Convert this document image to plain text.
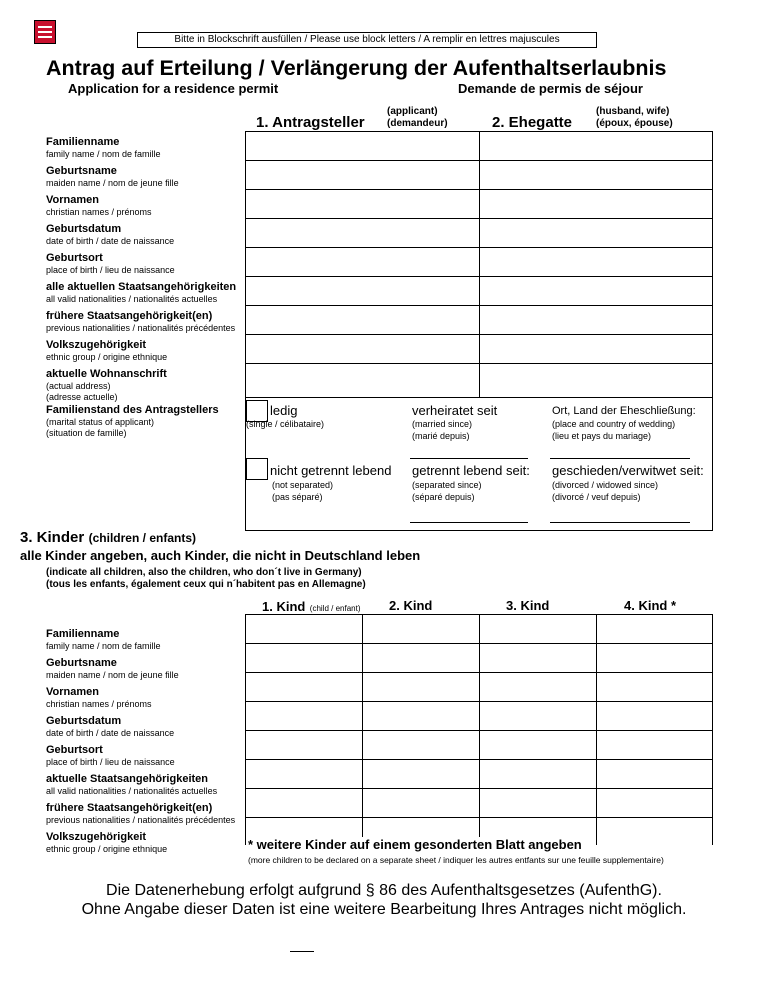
Bitte in Blockschrift ausfüllen / Please use block letters / A remplir en lettres majuscules
Antrag auf Erteilung / Verlängerung der Aufenthaltserlaubnis
Application for a residence permit	Demande de permis de séjour
1. Antragsteller
(applicant)
(demandeur)	2. Ehegatte
(husband, wife)
(époux, épouse)
Familienname
family name / nom de famille
Geburtsname
maiden name / nom de jeune fille
Vornamen
christian names / prénoms
Geburtsdatum
date of birth / date de naissance
Geburtsort
place of birth / lieu de naissance
alle aktuellen Staatsangehörigkeiten
all valid nationalities / nationalités actuelles
frühere Staatsangehörigkeit(en)
previous nationalities / nationalités précédentes
Volkszugehörigkeit
ethnic group / origine ethnique
aktuelle Wohnanschrift
(actual address)
(adresse actuelle)
Familienstand des Antragstellers
(marital status of applicant)
(situation de famille)
ledig
(single / célibataire)
verheiratet seit
(married since)
(marié depuis)
Ort, Land der Eheschließung:
(place and country of wedding)
(lieu et pays du mariage)
nicht getrennt lebend
(not separated)
(pas séparé)
getrennt lebend seit:
(separated since)
(séparé depuis)
geschieden/verwitwet seit:
(divorced / widowed since)
(divorcé / veuf depuis)
3. Kinder (children / enfants)
alle Kinder angeben, auch Kinder, die nicht in Deutschland leben
(indicate all children, also the children, who don´t live in Germany)
(tous les enfants, également ceux qui n´habitent pas en Allemagne)
1. Kind (child / enfant) 2. Kind	3. Kind	4. Kind *
Familienname
family name / nom de famille
Geburtsname
maiden name / nom de jeune fille
Vornamen
christian names / prénoms
Geburtsdatum
date of birth / date de naissance
Geburtsort
place of birth / lieu de naissance
aktuelle Staatsangehörigkeiten
all valid nationalities / nationalités actuelles
frühere Staatsangehörigkeit(en)
previous nationalities / nationalités précédentes
Volkszugehörigkeit
ethnic group / origine ethnique	* weitere Kinder auf einem gesonderten Blatt angeben
(more children to be declared on a separate sheet / indiquer les autres entfants sur une feuille supplementaire)
Die Datenerhebung erfolgt aufgrund § 86 des Aufenthaltsgesetzes (AufenthG).
Ohne Angabe dieser Daten ist eine weitere Bearbeitung Ihres Antrages nicht möglich.
